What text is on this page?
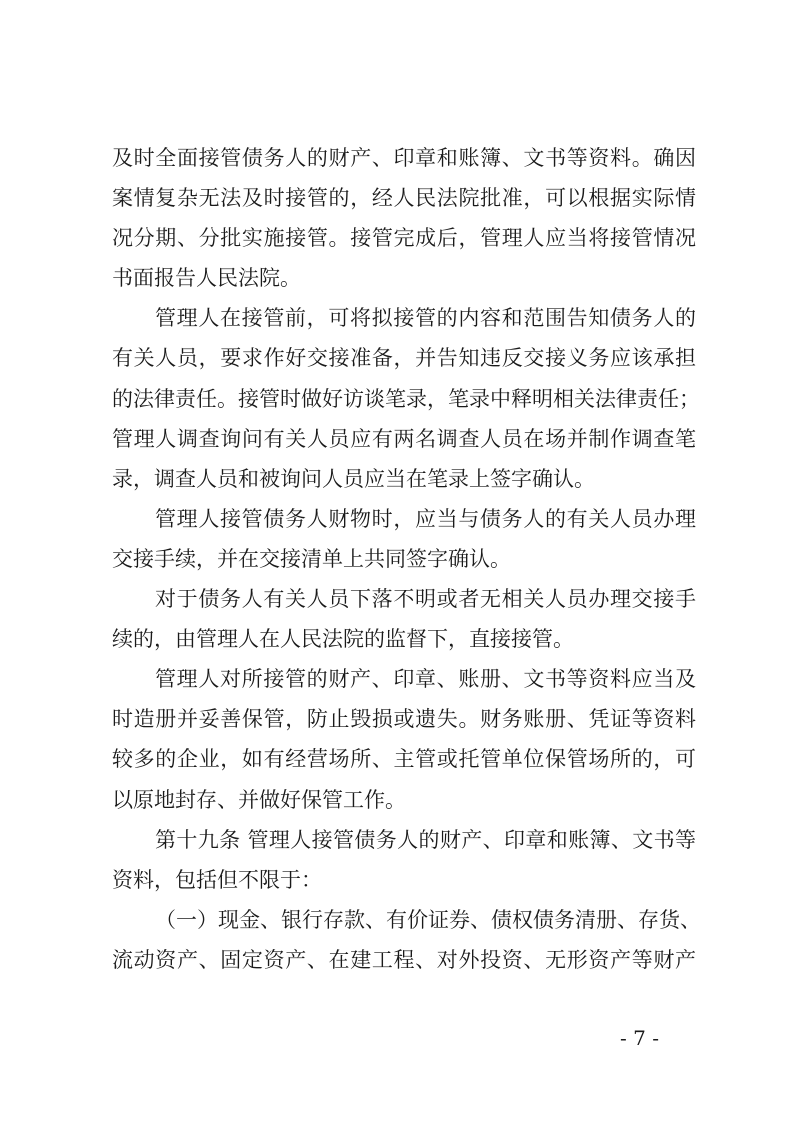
及时全面接管债务人的财产、印章和账簿、文书等资料。确因
案情复杂无法及时接管的，经人民法院批准，可以根据实际情
况分期、分批实施接管。接管完成后，管理人应当将接管情况
书面报告人民法院。
管理人在接管前，可将拟接管的内容和范围告知债务人的
有关人员，要求作好交接准备，并告知违反交接义务应该承担
的法律责任。接管时做好访谈笔录，笔录中释明相关法律责任；
管理人调查询问有关人员应有两名调查人员在场并制作调查笔
录，调查人员和被询问人员应当在笔录上签字确认。
管理人接管债务人财物时，应当与债务人的有关人员办理
交接手续，并在交接清单上共同签字确认。
对于债务人有关人员下落不明或者无相关人员办理交接手
续的，由管理人在人民法院的监督下，直接接管。
管理人对所接管的财产、印章、账册、文书等资料应当及
时造册并妥善保管，防止毁损或遗失。财务账册、凭证等资料
较多的企业，如有经营场所、主管或托管单位保管场所的，可
以原地封存、并做好保管工作。
第十九条 管理人接管债务人的财产、印章和账簿、文书等
资料，包括但不限于：
（一）现金、银行存款、有价证券、债权债务清册、存货、
流动资产、固定资产、在建工程、对外投资、无形资产等财产
- 7 -
